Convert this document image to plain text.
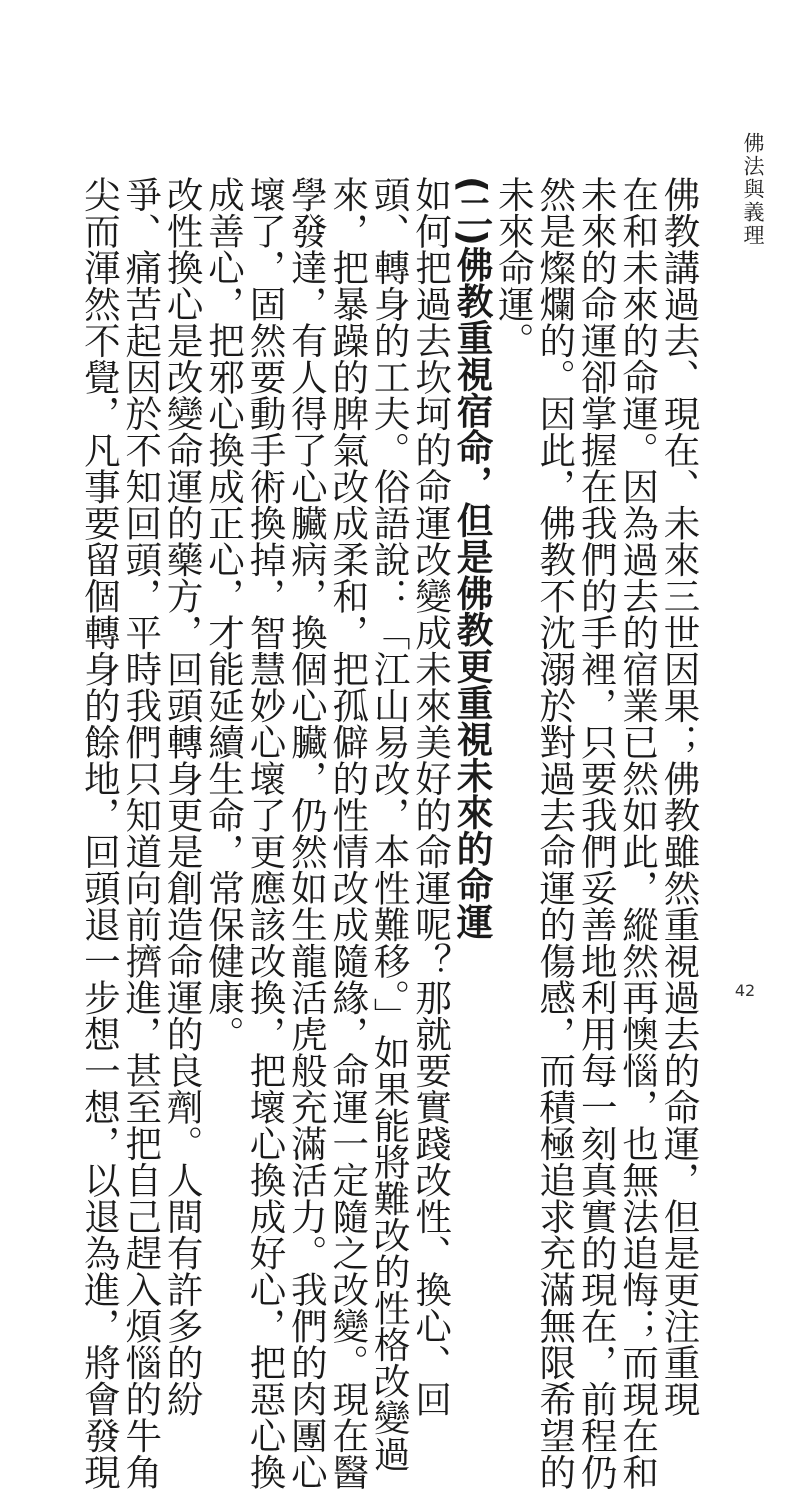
佛法與義理
佛教講過去、現在、未來三世因果；佛教雖然重視過去的命運，但是更注重現
在和未來的命運。因為過去的宿業已然如此，縱然再懊惱，也無法追悔；而現在和
未來的命運卻掌握在我們的手裡，只要我們妥善地利用每一刻真實的現在，前程仍
然是燦爛的。因此，佛教不沈溺於對過去命運的傷感，而積極追求充滿無限希望的
未來命運。
(二)佛教重視宿命，但是佛教更重視未來的命運
如何把過去坎坷的命運改變成未來美好的命運呢？那就要實踐改性、換心、回
頭、轉身的工夫。俗語說：「江山易改，本性難移。」如果能將難改的性格改變過
來，把暴躁的脾氣改成柔和，把孤僻的性情改成隨緣，命運一定隨之改變。現在醫
學發達，有人得了心臟病，換個心臟，仍然如生龍活虎般充滿活力。我們的肉團心
壞了，固然要動手術換掉，智慧妙心壞了更應該改換，把壞心換成好心，把惡心換
成善心，把邪心換成正心，才能延續生命，常保健康。
改性換心是改變命運的藥方，回頭轉身更是創造命運的良劑。人間有許多的紛
爭、痛苦起因於不知回頭，平時我們只知道向前擠進，甚至把自己趕入煩惱的牛角
尖而渾然不覺，凡事要留個轉身的餘地，回頭退一步想一想，以退為進，將會發現	42
